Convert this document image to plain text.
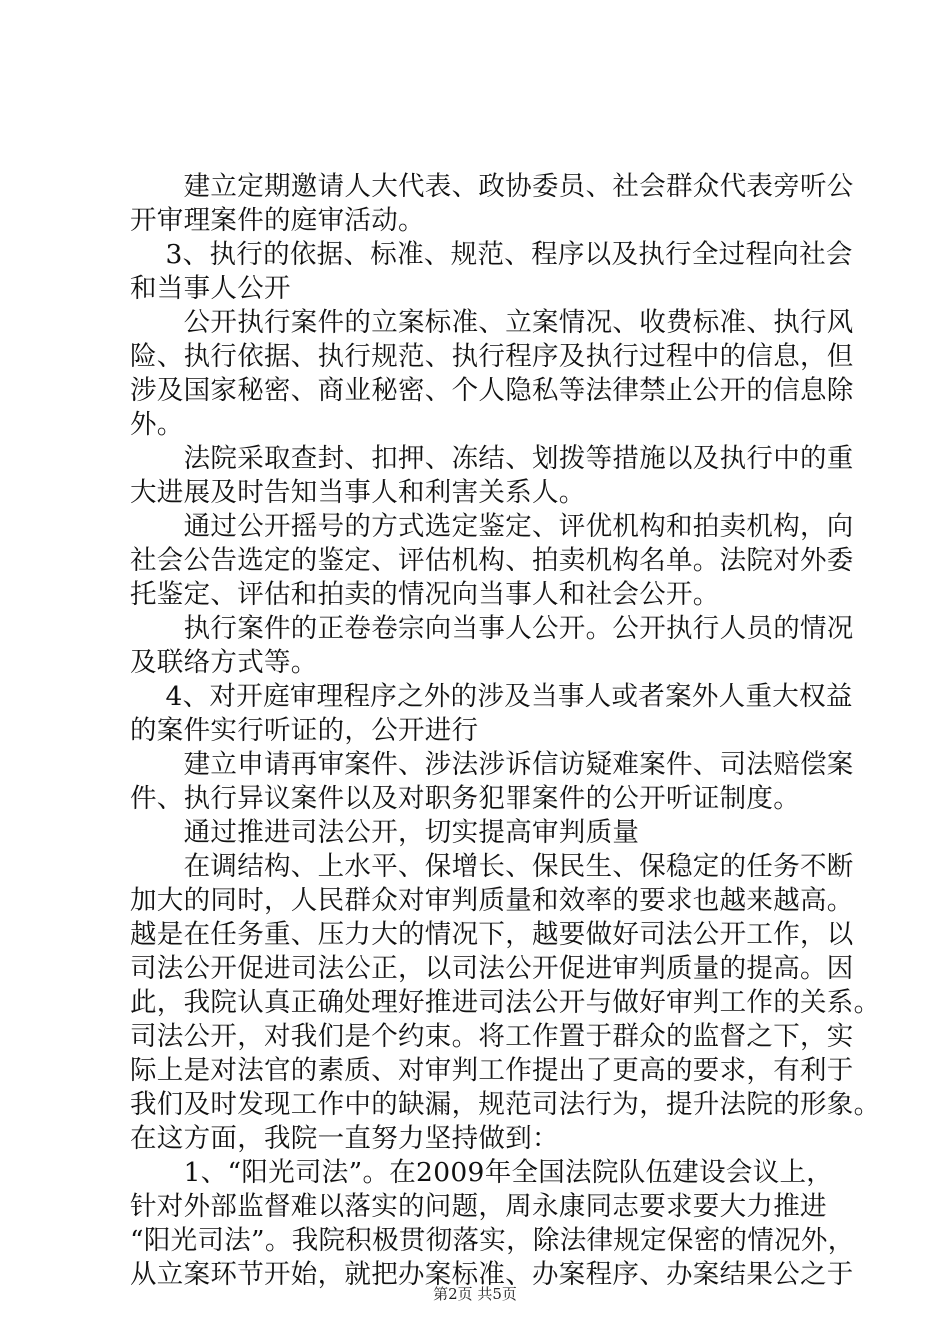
　　建立定期邀请人大代表、政协委员、社会群众代表旁听公
开审理案件的庭审活动。
　 3、执行的依据、标准、规范、程序以及执行全过程向社会
和当事人公开
　　公开执行案件的立案标准、立案情况、收费标准、执行风
险、执行依据、执行规范、执行程序及执行过程中的信息，但
涉及国家秘密、商业秘密、个人隐私等法律禁止公开的信息除
外。
　　法院采取查封、扣押、冻结、划拨等措施以及执行中的重
大进展及时告知当事人和利害关系人。
　　通过公开摇号的方式选定鉴定、评优机构和拍卖机构，向
社会公告选定的鉴定、评估机构、拍卖机构名单。法院对外委
托鉴定、评估和拍卖的情况向当事人和社会公开。
　　执行案件的正卷卷宗向当事人公开。公开执行人员的情况
及联络方式等。
　 4、对开庭审理程序之外的涉及当事人或者案外人重大权益
的案件实行听证的，公开进行
　　建立申请再审案件、涉法涉诉信访疑难案件、司法赔偿案
件、执行异议案件以及对职务犯罪案件的公开听证制度。
　　通过推进司法公开，切实提高审判质量
　　在调结构、上水平、保增长、保民生、保稳定的任务不断
加大的同时，人民群众对审判质量和效率的要求也越来越高。
越是在任务重、压力大的情况下，越要做好司法公开工作，以
司法公开促进司法公正，以司法公开促进审判质量的提高。因
此，我院认真正确处理好推进司法公开与做好审判工作的关系。
司法公开，对我们是个约束。将工作置于群众的监督之下，实
际上是对法官的素质、对审判工作提出了更高的要求，有利于
我们及时发现工作中的缺漏，规范司法行为，提升法院的形象。
在这方面，我院一直努力坚持做到：
　　1、“阳光司法”。在2009年全国法院队伍建设会议上，
针对外部监督难以落实的问题，周永康同志要求要大力推进
“阳光司法”。我院积极贯彻落实，除法律规定保密的情况外，
从立案环节开始，就把办案标准、办案程序、办案结果公之于
第2页 共5页
